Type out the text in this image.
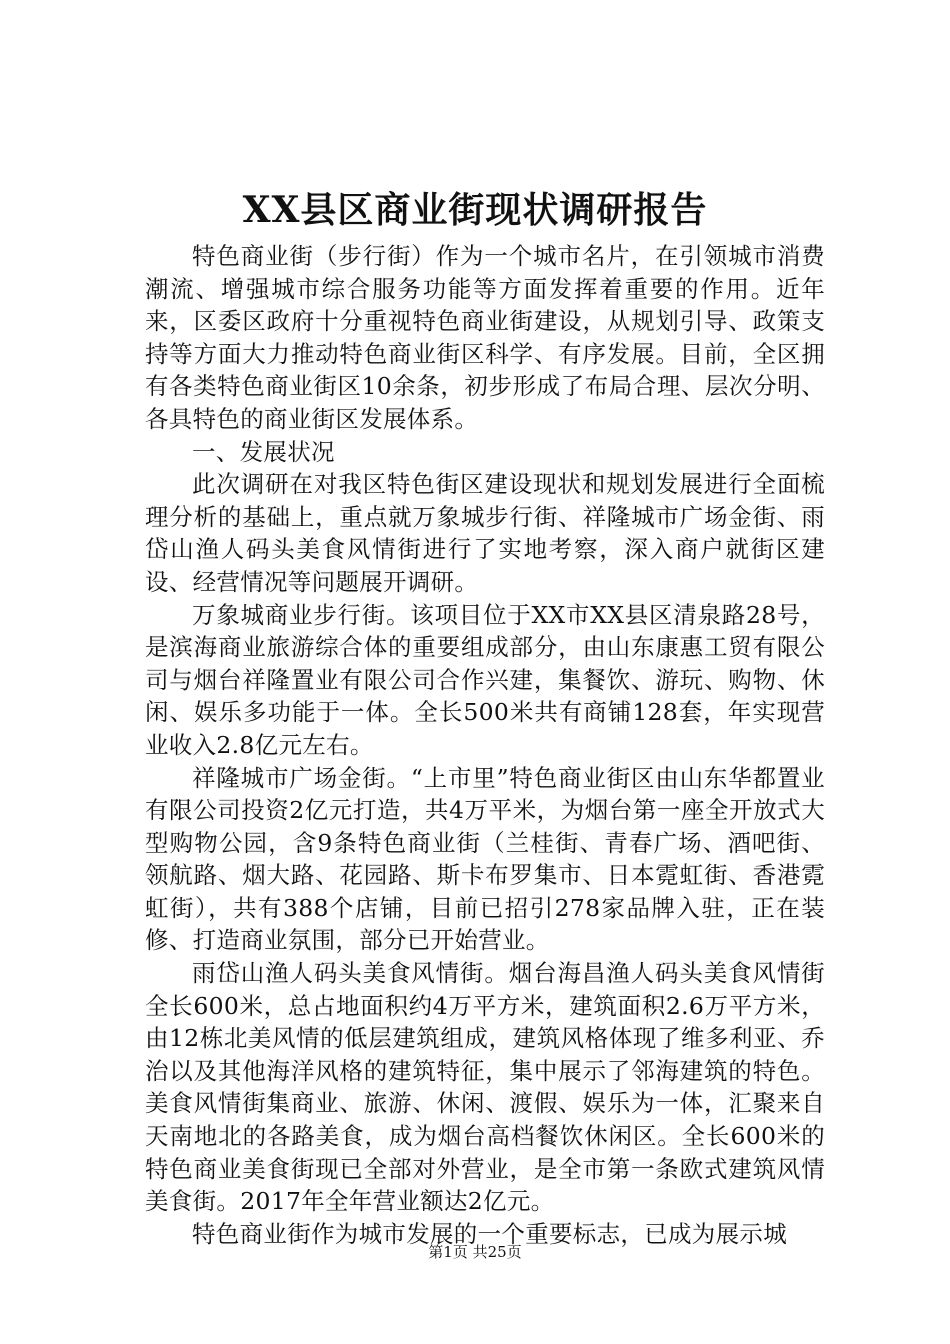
XX县区商业街现状调研报告

特色商业街（步行街）作为一个城市名片，在引领城市消费潮流、增强城市综合服务功能等方面发挥着重要的作用。近年来，区委区政府十分重视特色商业街建设，从规划引导、政策支持等方面大力推动特色商业街区科学、有序发展。目前，全区拥有各类特色商业街区10余条，初步形成了布局合理、层次分明、各具特色的商业街区发展体系。

一、发展状况

此次调研在对我区特色街区建设现状和规划发展进行全面梳理分析的基础上，重点就万象城步行街、祥隆城市广场金街、雨岱山渔人码头美食风情街进行了实地考察，深入商户就街区建设、经营情况等问题展开调研。

万象城商业步行街。该项目位于XX市XX县区清泉路28号，是滨海商业旅游综合体的重要组成部分，由山东康惠工贸有限公司与烟台祥隆置业有限公司合作兴建，集餐饮、游玩、购物、休闲、娱乐多功能于一体。全长500米共有商铺128套，年实现营业收入2.8亿元左右。

祥隆城市广场金街。“上市里”特色商业街区由山东华都置业有限公司投资2亿元打造，共4万平米，为烟台第一座全开放式大型购物公园，含9条特色商业街（兰桂街、青春广场、酒吧街、领航路、烟大路、花园路、斯卡布罗集市、日本霓虹街、香港霓虹街），共有388个店铺，目前已招引278家品牌入驻，正在装修、打造商业氛围，部分已开始营业。

雨岱山渔人码头美食风情街。烟台海昌渔人码头美食风情街全长600米，总占地面积约4万平方米，建筑面积2.6万平方米，由12栋北美风情的低层建筑组成，建筑风格体现了维多利亚、乔治以及其他海洋风格的建筑特征，集中展示了邻海建筑的特色。美食风情街集商业、旅游、休闲、渡假、娱乐为一体，汇聚来自天南地北的各路美食，成为烟台高档餐饮休闲区。全长600米的特色商业美食街现已全部对外营业，是全市第一条欧式建筑风情美食街。2017年全年营业额达2亿元。

特色商业街作为城市发展的一个重要标志，已成为展示城

第1页 共25页
